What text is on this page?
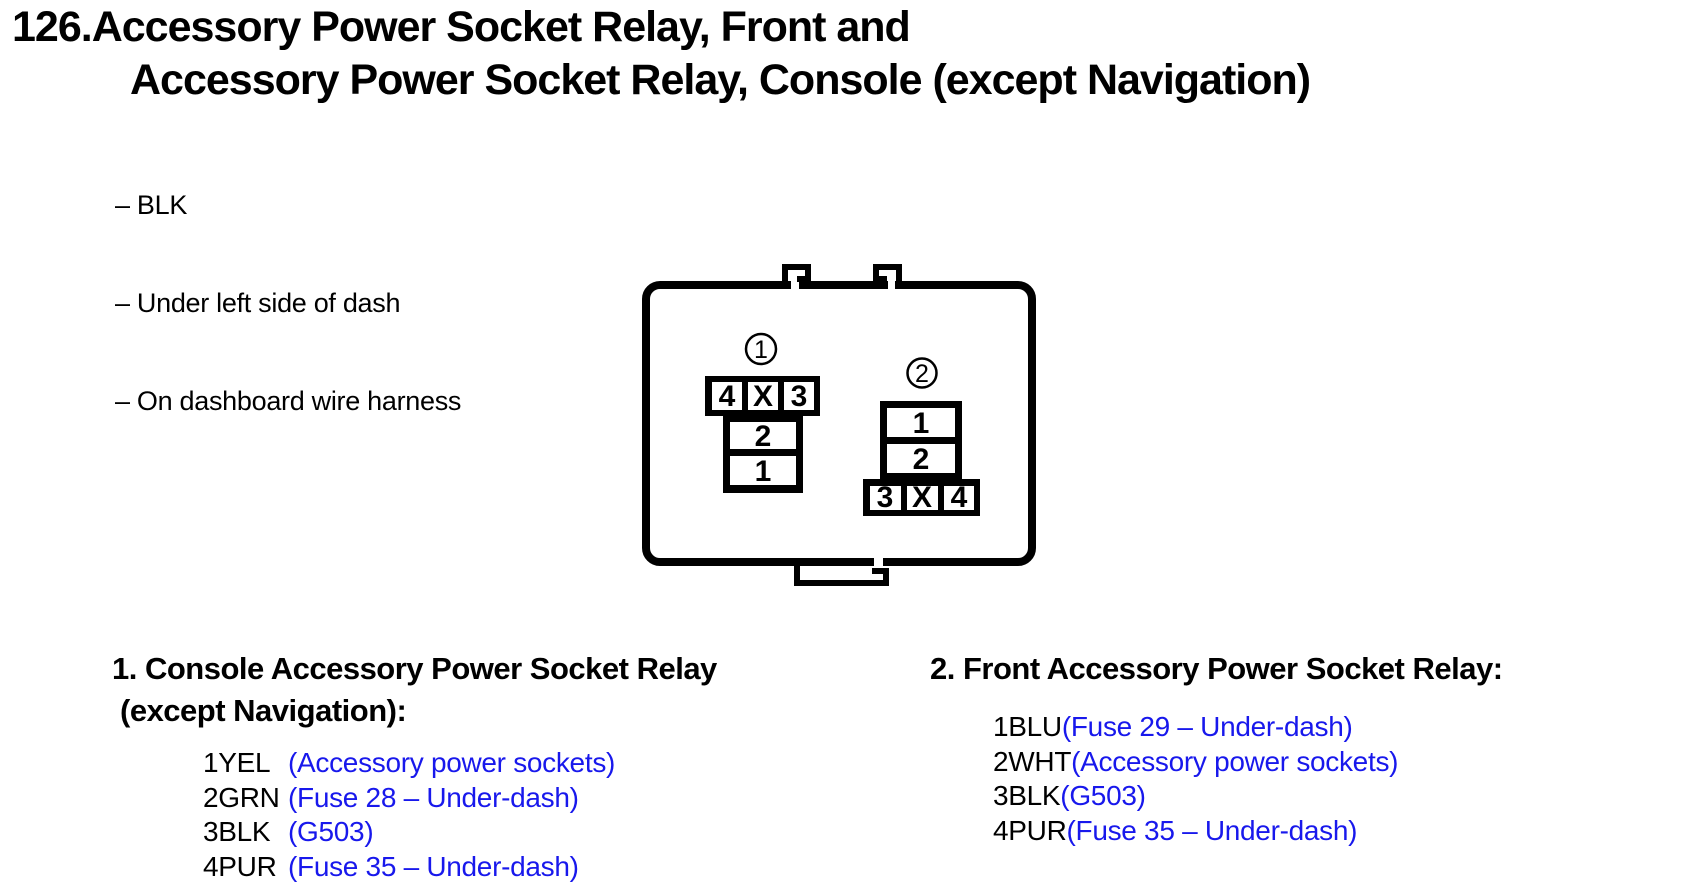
126.Accessory Power Socket Relay, Front and
Accessory Power Socket Relay, Console (except Navigation)

– BLK

– Under left side of dash

– On dashboard wire harness

1
4 X 3
2
1
2
1
2
3 X 4
1. Console Accessory Power Socket Relay
(except Navigation):
1YEL (Accessory power sockets)
2GRN (Fuse 28 – Under-dash)
3BLK (G503)
4PUR (Fuse 35 – Under-dash)
2. Front Accessory Power Socket Relay:
1BLU(Fuse 29 – Under-dash)
2WHT(Accessory power sockets)
3BLK(G503)
4PUR(Fuse 35 – Under-dash)
